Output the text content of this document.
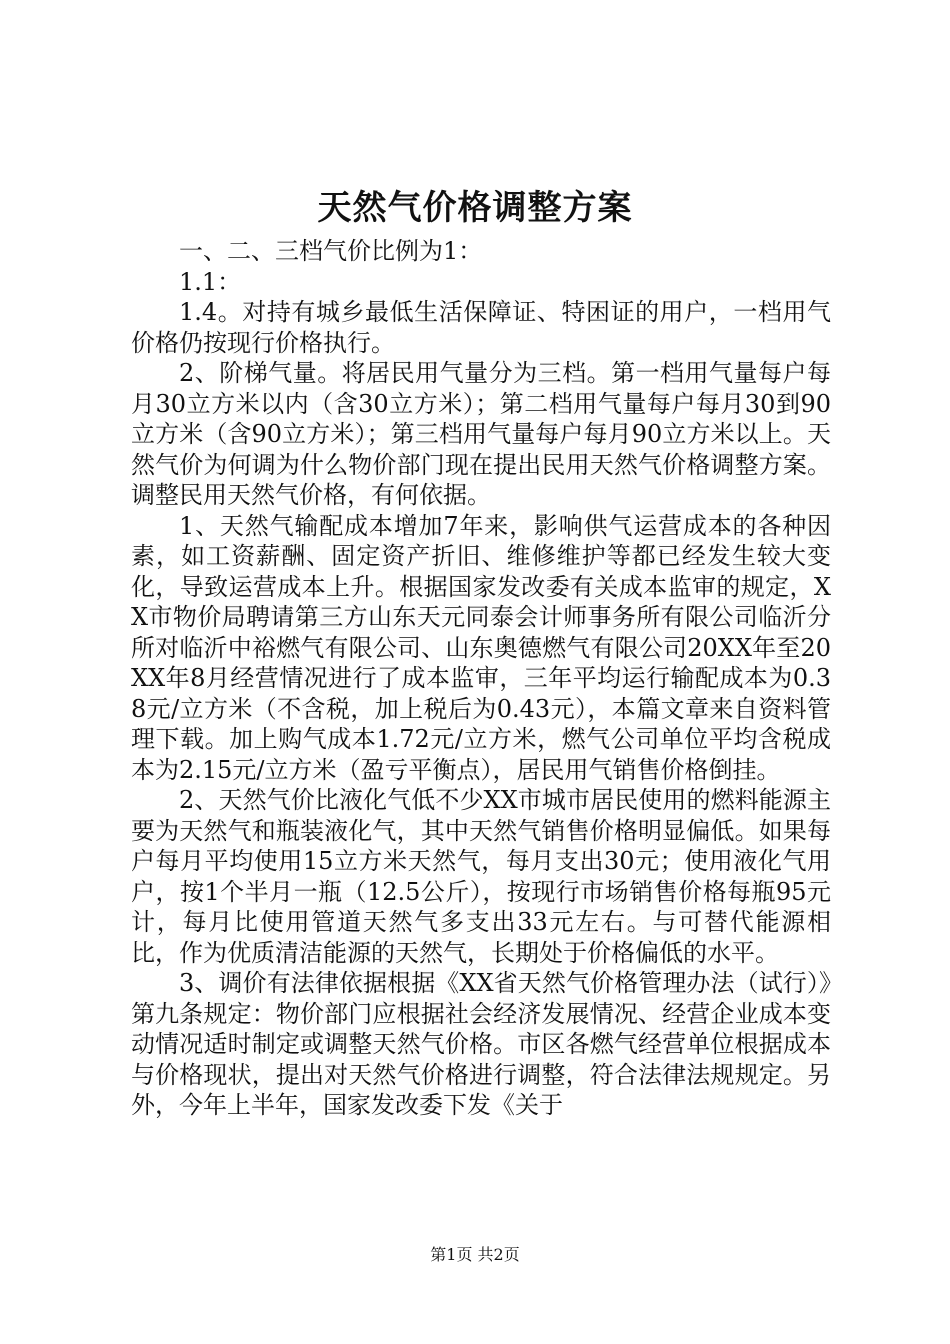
天然气价格调整方案

一、二、三档气价比例为1：

1.1：

1.4。对持有城乡最低生活保障证、特困证的用户，一档用气价格仍按现行价格执行。

2、阶梯气量。将居民用气量分为三档。第一档用气量每户每月30立方米以内（含30立方米）；第二档用气量每户每月30到90立方米（含90立方米）；第三档用气量每户每月90立方米以上。天然气价为何调为什么物价部门现在提出民用天然气价格调整方案。调整民用天然气价格，有何依据。

1、天然气输配成本增加7年来，影响供气运营成本的各种因素，如工资薪酬、固定资产折旧、维修维护等都已经发生较大变化，导致运营成本上升。根据国家发改委有关成本监审的规定，XX市物价局聘请第三方山东天元同泰会计师事务所有限公司临沂分所对临沂中裕燃气有限公司、山东奥德燃气有限公司20XX年至20XX年8月经营情况进行了成本监审，三年平均运行输配成本为0.38元/立方米（不含税，加上税后为0.43元），本篇文章来自资料管理下载。加上购气成本1.72元/立方米，燃气公司单位平均含税成本为2.15元/立方米（盈亏平衡点），居民用气销售价格倒挂。

2、天然气价比液化气低不少XX市城市居民使用的燃料能源主要为天然气和瓶装液化气，其中天然气销售价格明显偏低。如果每户每月平均使用15立方米天然气，每月支出30元；使用液化气用户，按1个半月一瓶（12.5公斤），按现行市场销售价格每瓶95元计，每月比使用管道天然气多支出33元左右。与可替代能源相比，作为优质清洁能源的天然气，长期处于价格偏低的水平。

3、调价有法律依据根据《XX省天然气价格管理办法（试行）》第九条规定：物价部门应根据社会经济发展情况、经营企业成本变动情况适时制定或调整天然气价格。市区各燃气经营单位根据成本与价格现状，提出对天然气价格进行调整，符合法律法规规定。另外，今年上半年，国家发改委下发《关于

第1页 共2页
